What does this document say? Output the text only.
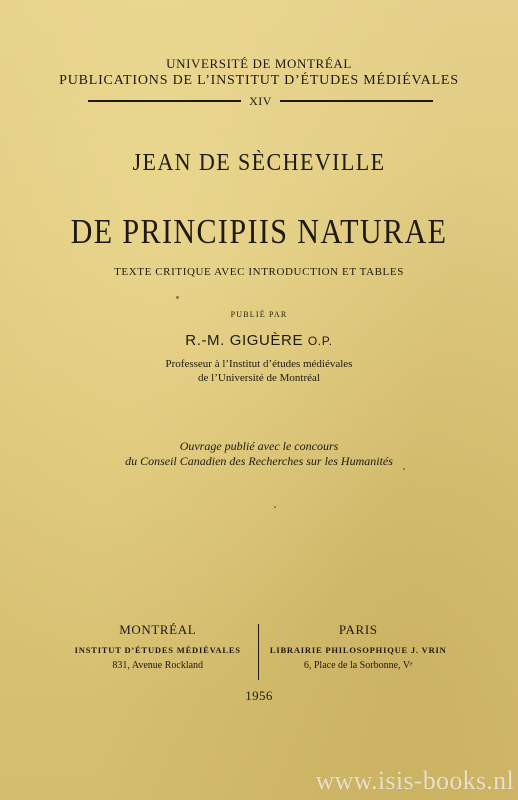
UNIVERSITÉ DE MONTRÉAL

PUBLICATIONS DE L’INSTITUT D’ÉTUDES MÉDIÉVALES

XIV
JEAN DE SÈCHEVILLE
DE PRINCIPIIS NATURAE

TEXTE CRITIQUE AVEC INTRODUCTION ET TABLES

PUBLIÉ PAR

R.-M. GIGUÈRE O.P.

Professeur à l’Institut d’études médiévales
de l’Université de Montréal
Ouvrage publié avec le concours
du Conseil Canadien des Recherches sur les Humanités
MONTRÉAL
INSTITUT D’ÉTUDES MÉDIÉVALES
831, Avenue Rockland
PARIS
LIBRAIRIE PHILOSOPHIQUE J. VRIN
6, Place de la Sorbonne, Vᵉ

1956

www.isis-books.nl
